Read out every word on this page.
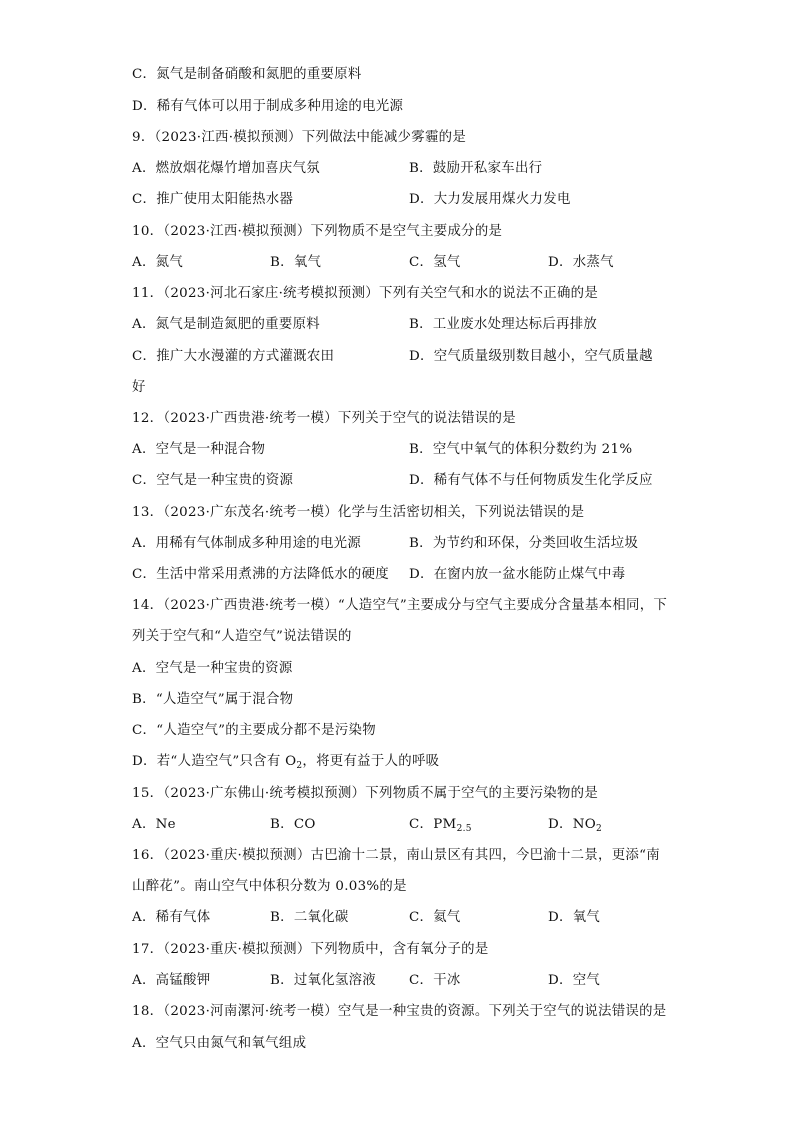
C．氮气是制备硝酸和氮肥的重要原料
D．稀有气体可以用于制成多种用途的电光源
9．（2023·江西·模拟预测）下列做法中能减少雾霾的是
A．燃放烟花爆竹增加喜庆气氛	B．鼓励开私家车出行
C．推广使用太阳能热水器	D．大力发展用煤火力发电
10．（2023·江西·模拟预测）下列物质不是空气主要成分的是
A．氮气	B．氧气	C．氢气	D．水蒸气
11．（2023·河北石家庄·统考模拟预测）下列有关空气和水的说法不正确的是
A．氮气是制造氮肥的重要原料	B．工业废水处理达标后再排放
C．推广大水漫灌的方式灌溉农田	D．空气质量级别数目越小，空气质量越
好
12．（2023·广西贵港·统考一模）下列关于空气的说法错误的是
A．空气是一种混合物	B．空气中氧气的体积分数约为 21%
C．空气是一种宝贵的资源	D．稀有气体不与任何物质发生化学反应
13．（2023·广东茂名·统考一模）化学与生活密切相关，下列说法错误的是
A．用稀有气体制成多种用途的电光源	B．为节约和环保，分类回收生活垃圾
C．生活中常采用煮沸的方法降低水的硬度 D．在窗内放一盆水能防止煤气中毒
14．（2023·广西贵港·统考一模）“人造空气”主要成分与空气主要成分含量基本相同，下
列关于空气和“人造空气”说法错误的
A．空气是一种宝贵的资源
B．“人造空气”属于混合物
C．“人造空气”的主要成分都不是污染物
D．若“人造空气”只含有 $O_2$，将更有益于人的呼吸
15．（2023·广东佛山·统考模拟预测）下列物质不属于空气的主要污染物的是
A．Ne	B．CO	C．$PM_{2.5}$	D．$NO_2$
16．（2023·重庆·模拟预测）古巴渝十二景，南山景区有其四，今巴渝十二景，更添“南
山醉花”。南山空气中体积分数为 0.03%的是
A．稀有气体	B．二氧化碳	C．氦气	D．氧气
17．（2023·重庆·模拟预测）下列物质中，含有氧分子的是
A．高锰酸钾	B．过氧化氢溶液 C．干冰	D．空气
18．（2023·河南漯河·统考一模）空气是一种宝贵的资源。下列关于空气的说法错误的是
A．空气只由氮气和氧气组成
